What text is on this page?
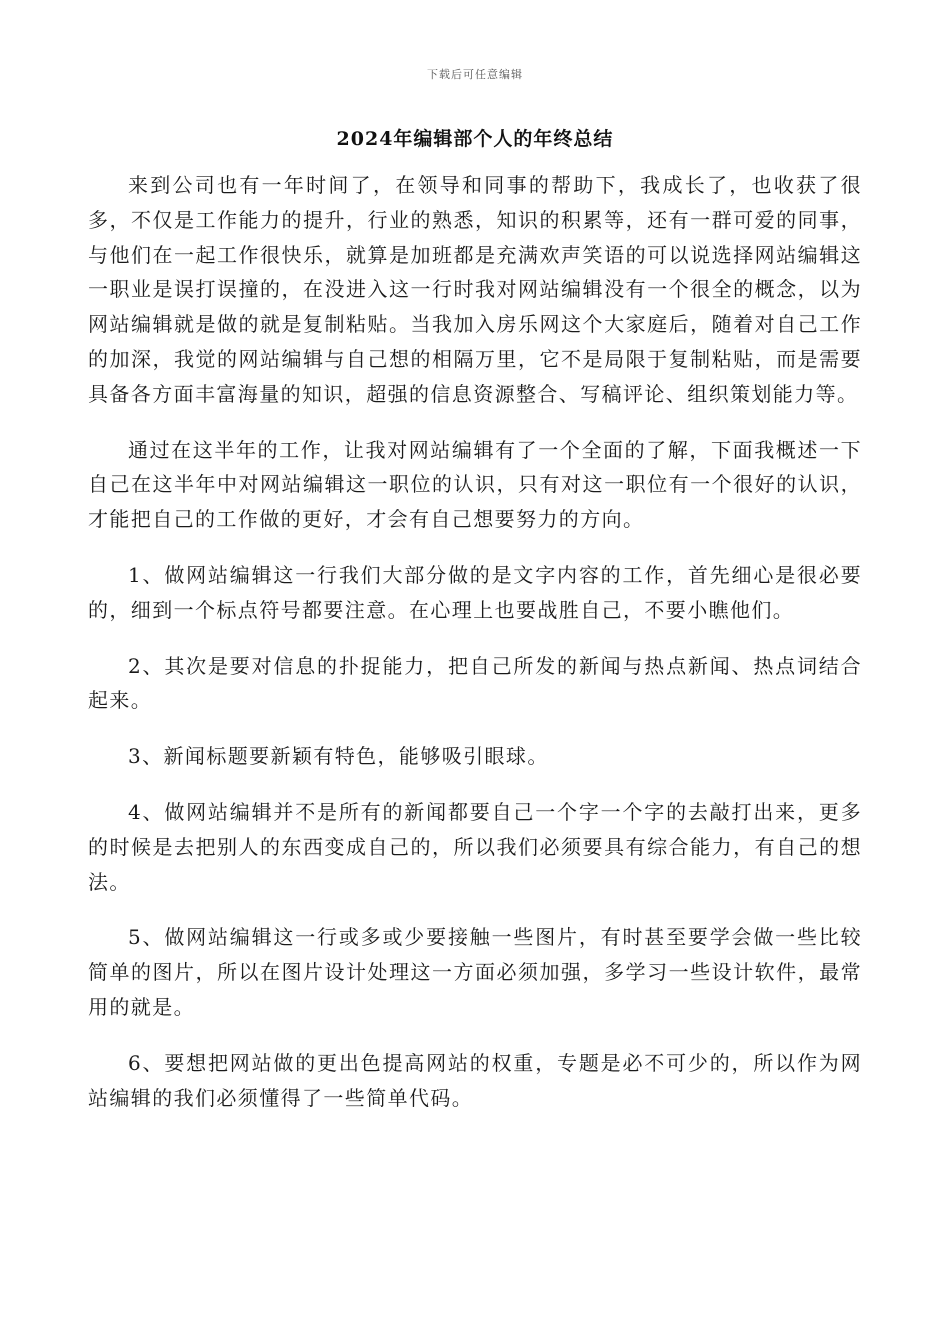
下载后可任意编辑
2024年编辑部个人的年终总结

来到公司也有一年时间了，在领导和同事的帮助下，我成长了，也收获了很多，不仅是工作能力的提升，行业的熟悉，知识的积累等，还有一群可爱的同事，与他们在一起工作很快乐，就算是加班都是充满欢声笑语的可以说选择网站编辑这一职业是误打误撞的，在没进入这一行时我对网站编辑没有一个很全的概念，以为网站编辑就是做的就是复制粘贴。当我加入房乐网这个大家庭后，随着对自己工作的加深，我觉的网站编辑与自己想的相隔万里，它不是局限于复制粘贴，而是需要具备各方面丰富海量的知识，超强的信息资源整合、写稿评论、组织策划能力等。

通过在这半年的工作，让我对网站编辑有了一个全面的了解，下面我概述一下自己在这半年中对网站编辑这一职位的认识，只有对这一职位有一个很好的认识，才能把自己的工作做的更好，才会有自己想要努力的方向。

1、做网站编辑这一行我们大部分做的是文字内容的工作，首先细心是很必要的，细到一个标点符号都要注意。在心理上也要战胜自己，不要小瞧他们。

2、其次是要对信息的扑捉能力，把自己所发的新闻与热点新闻、热点词结合起来。

3、新闻标题要新颖有特色，能够吸引眼球。

4、做网站编辑并不是所有的新闻都要自己一个字一个字的去敲打出来，更多的时候是去把别人的东西变成自己的，所以我们必须要具有综合能力，有自己的想法。

5、做网站编辑这一行或多或少要接触一些图片，有时甚至要学会做一些比较简单的图片，所以在图片设计处理这一方面必须加强，多学习一些设计软件，最常用的就是。

6、要想把网站做的更出色提高网站的权重，专题是必不可少的，所以作为网站编辑的我们必须懂得了一些简单代码。
